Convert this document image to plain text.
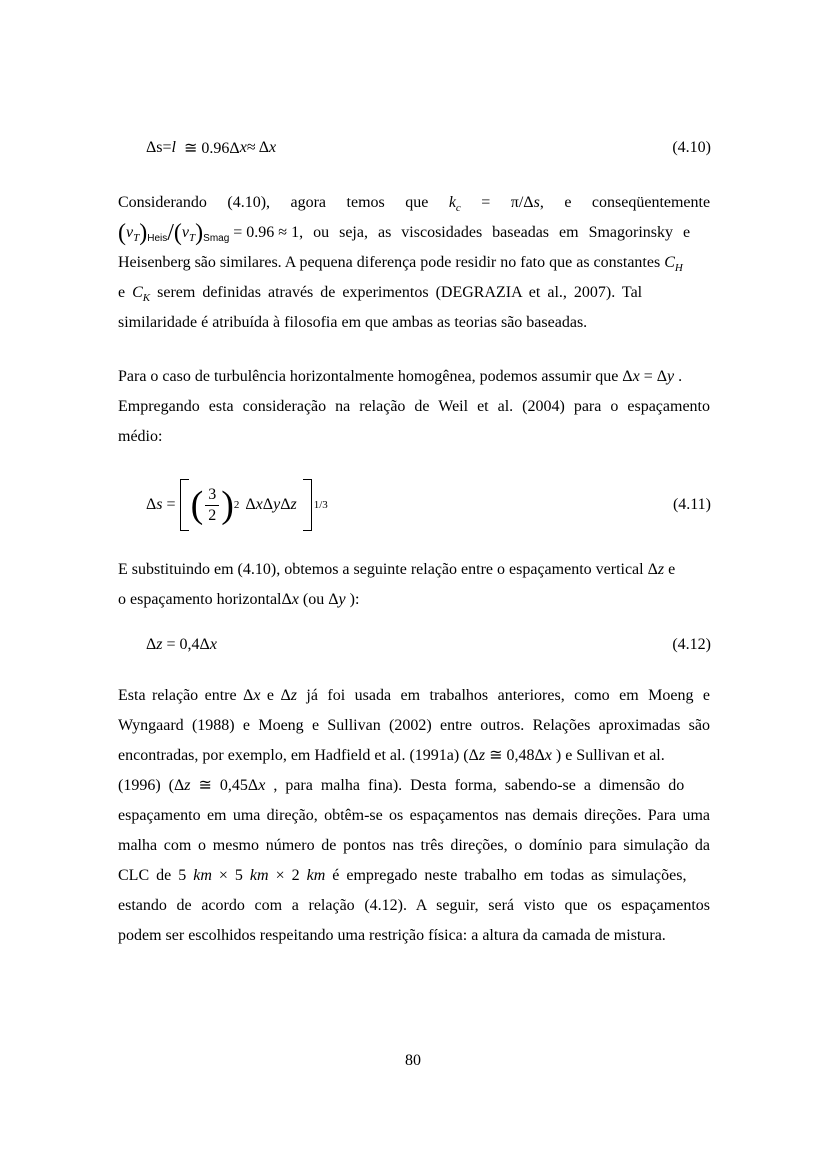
Δs = l ≅ 0.96Δ x ≈ Δ x	(4.10)
Considerando (4.10), agora temos que $k_c = \pi/\Delta s$, e conseqüentemente
$(\nu_T)_{Heis}/(\nu_T)_{Smag} = 0.96 \approx 1$, ou seja, as viscosidades baseadas em Smagorinsky e
Heisenberg são similares. A pequena diferença pode residir no fato que as constantes $C_H$
e $C_K$ serem definidas através de experimentos (DEGRAZIA et al., 2007). Tal
similaridade é atribuída à filosofia em que ambas as teorias são baseadas.
Para o caso de turbulência horizontalmente homogênea, podemos assumir que Δx = Δy .
Empregando esta consideração na relação de Weil et al. (2004) para o espaçamento
médio:
Δ s = ( $\frac{3}{2}$ ) 2 Δ x Δ y Δ z 1/3	(4.11)
E substituindo em (4.10), obtemos a seguinte relação entre o espaçamento vertical Δz e
o espaçamento horizontalΔx (ou Δy ):
Δ z = 0,4Δ x	(4.12)
Esta relação entre Δx e Δz já foi usada em trabalhos anteriores, como em Moeng e
Wyngaard (1988) e Moeng e Sullivan (2002) entre outros. Relações aproximadas são
encontradas, por exemplo, em Hadfield et al. (1991a) (Δz ≅ 0,48Δx ) e Sullivan et al.
(1996) (Δz ≅ 0,45Δx , para malha fina). Desta forma, sabendo-se a dimensão do
espaçamento em uma direção, obtêm-se os espaçamentos nas demais direções. Para uma
malha com o mesmo número de pontos nas três direções, o domínio para simulação da
CLC de 5 km × 5 km × 2 km é empregado neste trabalho em todas as simulações,
estando de acordo com a relação (4.12). A seguir, será visto que os espaçamentos
podem ser escolhidos respeitando uma restrição física: a altura da camada de mistura.
80
